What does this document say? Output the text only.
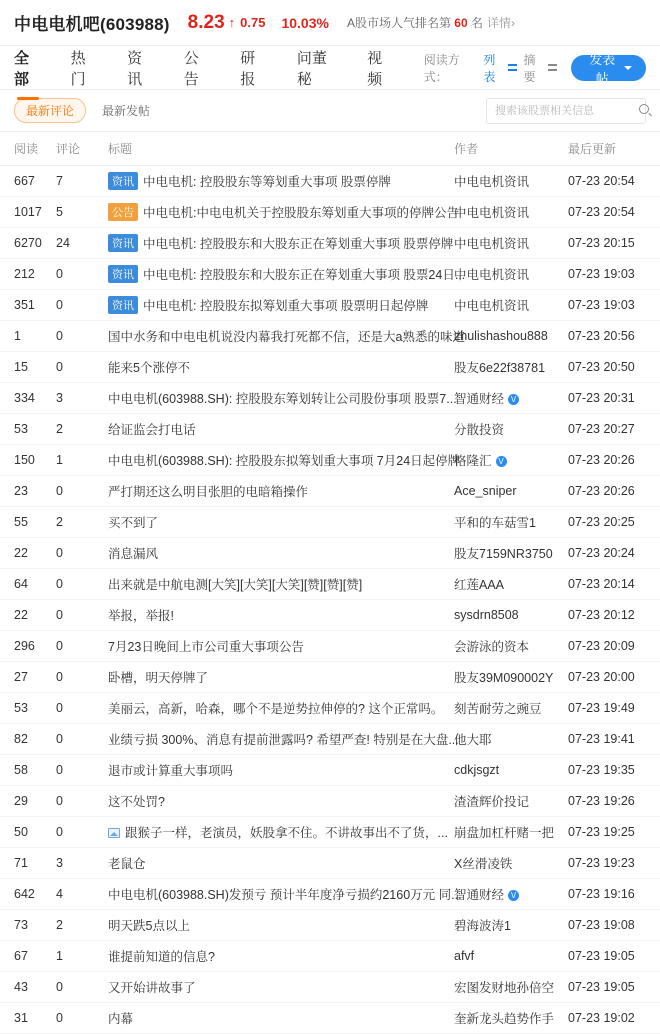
中电电机吧(603988) 8.23 ↑ 0.75 10.03% A股市场人气排名第 60 名 详情›
全部
热门
资讯
公告
研报
问董秘
视频
阅读方式：
列表
摘要
发表帖
最新评论	最新发帖
搜索该股票相关信息
阅读	评论	标题	作者	最后更新
667	7	资讯 中电电机: 控股股东等筹划重大事项 股票停牌	中电电机资讯	07-23 20:54
1017	5	公告 中电电机:中电电机关于控股股东筹划重大事项的停牌公告	中电电机资讯	07-23 20:54
6270	24	资讯 中电电机: 控股股东和大股东正在筹划重大事项 股票停牌	中电电机资讯	07-23 20:15
212	0	资讯 中电电机: 控股股东和大股东正在筹划重大事项 股票24日...	中电电机资讯	07-23 19:03
351	0	资讯 中电电机: 控股股东拟筹划重大事项 股票明日起停牌	中电电机资讯	07-23 19:03
1	0	国中水务和中电电机说没内幕我打死都不信，还是大а熟悉的味道	zhulishashou888	07-23 20:56
15	0	能来5个涨停不	股友6e22f38781	07-23 20:50
334	3	中电电机(603988.SH): 控股股东筹划转让公司股份事项 股票7...	智通财经 V	07-23 20:31
53	2	给证监会打电话	分散投资	07-23 20:27
150	1	中电电机(603988.SH): 控股股东拟筹划重大事项 7月24日起停牌	格隆汇 V	07-23 20:26
23	0	严打期还这么明目张胆的电暗箱操作	Ace_sniper	07-23 20:26
55	2	买不到了	平和的车菇雪1	07-23 20:25
22	0	消息漏风	股友7159NR3750	07-23 20:24
64	0	出来就是中航电测[大笑][大笑][大笑][赞][赞][赞]	红莲AAA	07-23 20:14
22	0	举报，举报!	sysdrn8508	07-23 20:12
296	0	7月23日晚间上市公司重大事项公告	会游泳的资本	07-23 20:09
27	0	卧槽，明天停牌了	股友39M090002Y	07-23 20:00
53	0	美丽云，高新，哈森，哪个不是逆势拉伸停的? 这个正常吗。	刻苦耐劳之豌豆	07-23 19:49
82	0	业绩亏损 300%、消息有提前泄露吗? 希望严查! 特别是在大盘...	他大耶	07-23 19:41
58	0	退市或计算重大事项吗	cdkjsgzt	07-23 19:35
29	0	这不处罚?	渣渣辉价投记	07-23 19:26
50	0	跟猴子一样，老演员，妖股拿不住。不讲故事出不了货，...	崩盘加杠杆赌一把	07-23 19:25
71	3	老鼠仓	X丝滑凌铁	07-23 19:23
642	4	中电电机(603988.SH)发预亏 预计半年度净亏损约2160万元 同...	智通财经 V	07-23 19:16
73	2	明天跌5点以上	碧海波涛1	07-23 19:08
67	1	谁提前知道的信息?	afvf	07-23 19:05
43	0	又开始讲故事了	宏图发财地孙倍空	07-23 19:05
31	0	内幕	奎新龙头趋势作手	07-23 19:02
